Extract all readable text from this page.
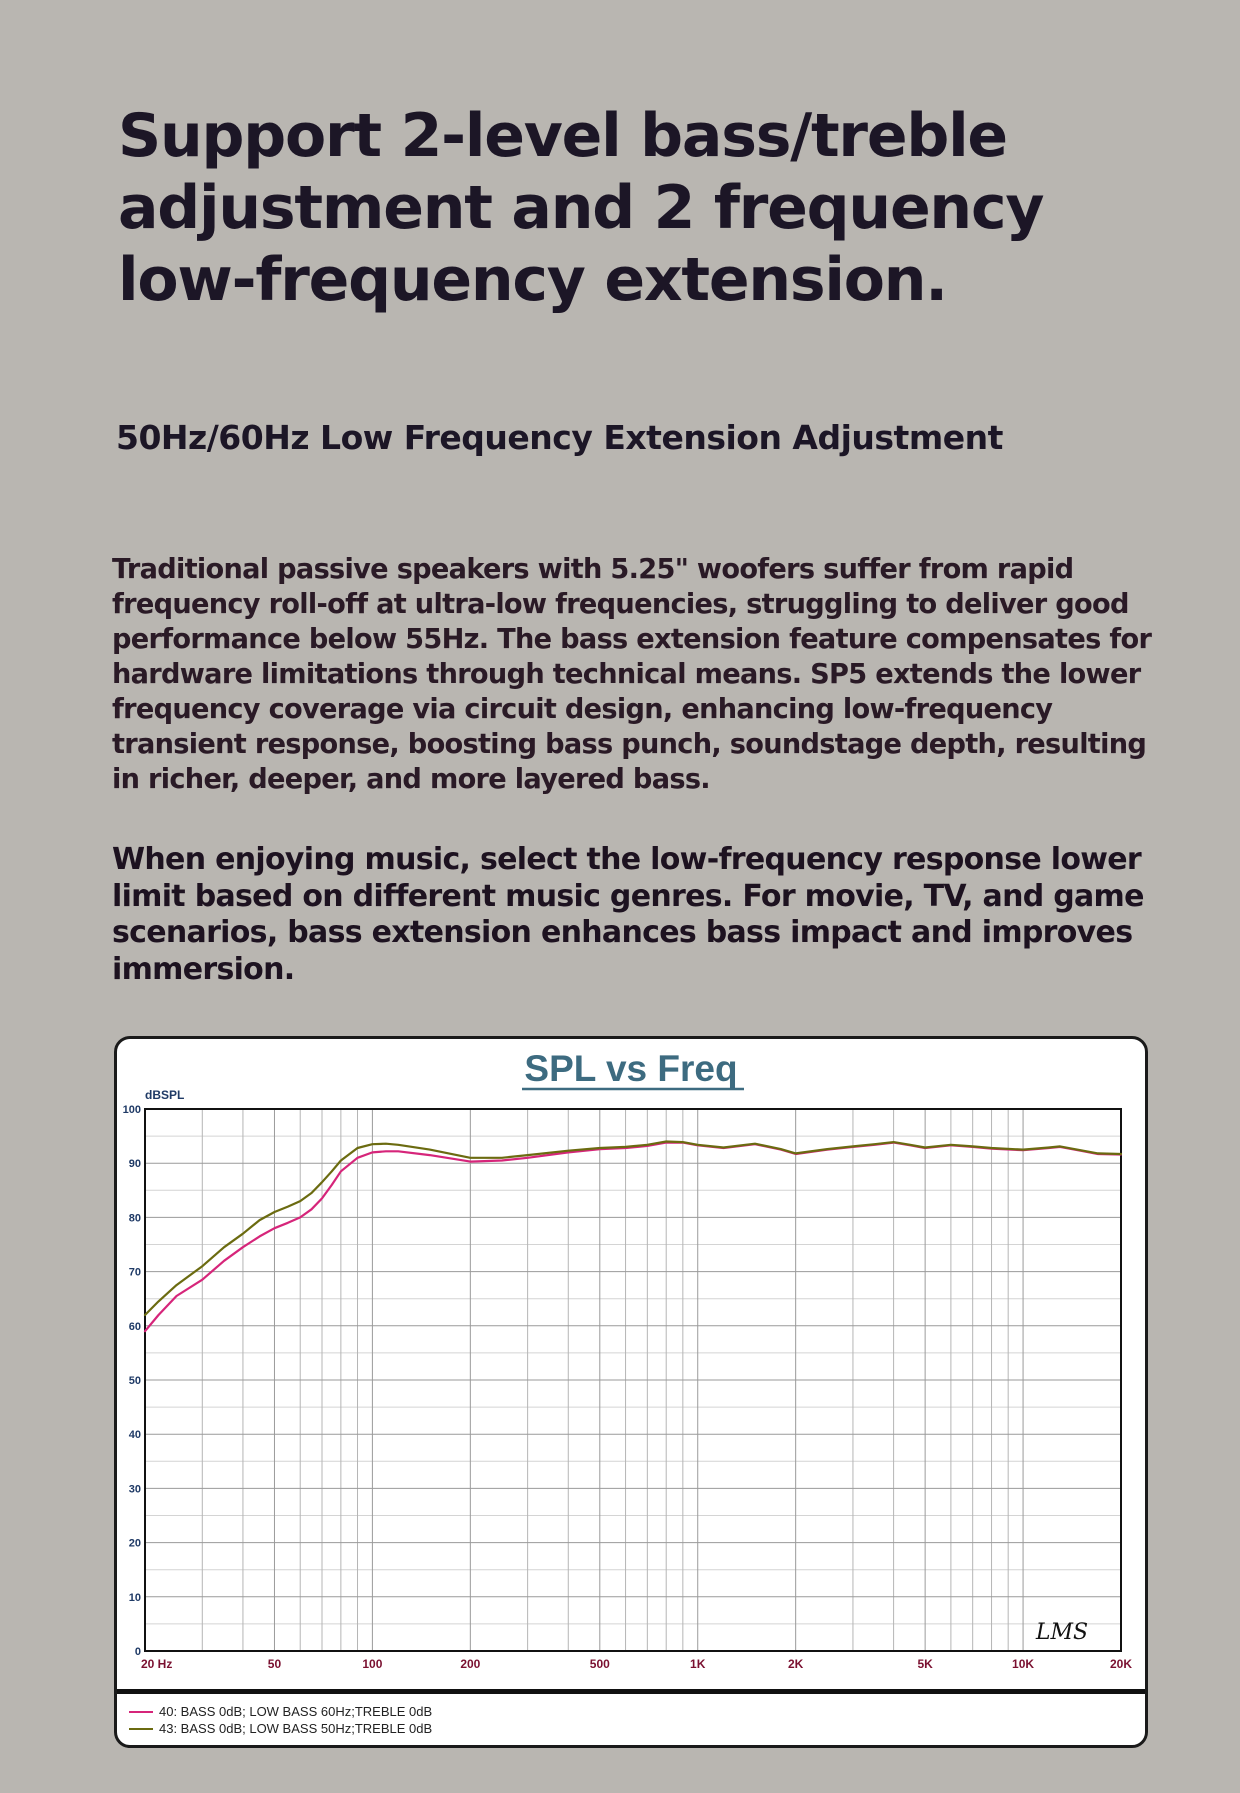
Support 2-level bass/treble adjustment and 2 frequency low-frequency extension.
50Hz/60Hz Low Frequency Extension Adjustment

Traditional passive speakers with 5.25" woofers suffer from rapid frequency roll-off at ultra-low frequencies, struggling to deliver good performance below 55Hz. The bass extension feature compensates for hardware limitations through technical means. SP5 extends the lower frequency coverage via circuit design, enhancing low-frequency transient response, boosting bass punch, soundstage depth, resulting in richer, deeper, and more layered bass.

When enjoying music, select the low-frequency response lower limit based on different music genres. For movie, TV, and game scenarios, bass extension enhances bass impact and improves immersion.

0
10
20
30
40
50
60
70
80
90
100
20 Hz	50	100	200	500	1K	2K	5K	10K	20K
dBSPL
SPL vs Freq
LMS
40: BASS 0dB; LOW BASS 60Hz;TREBLE 0dB
43: BASS 0dB; LOW BASS 50Hz;TREBLE 0dB
